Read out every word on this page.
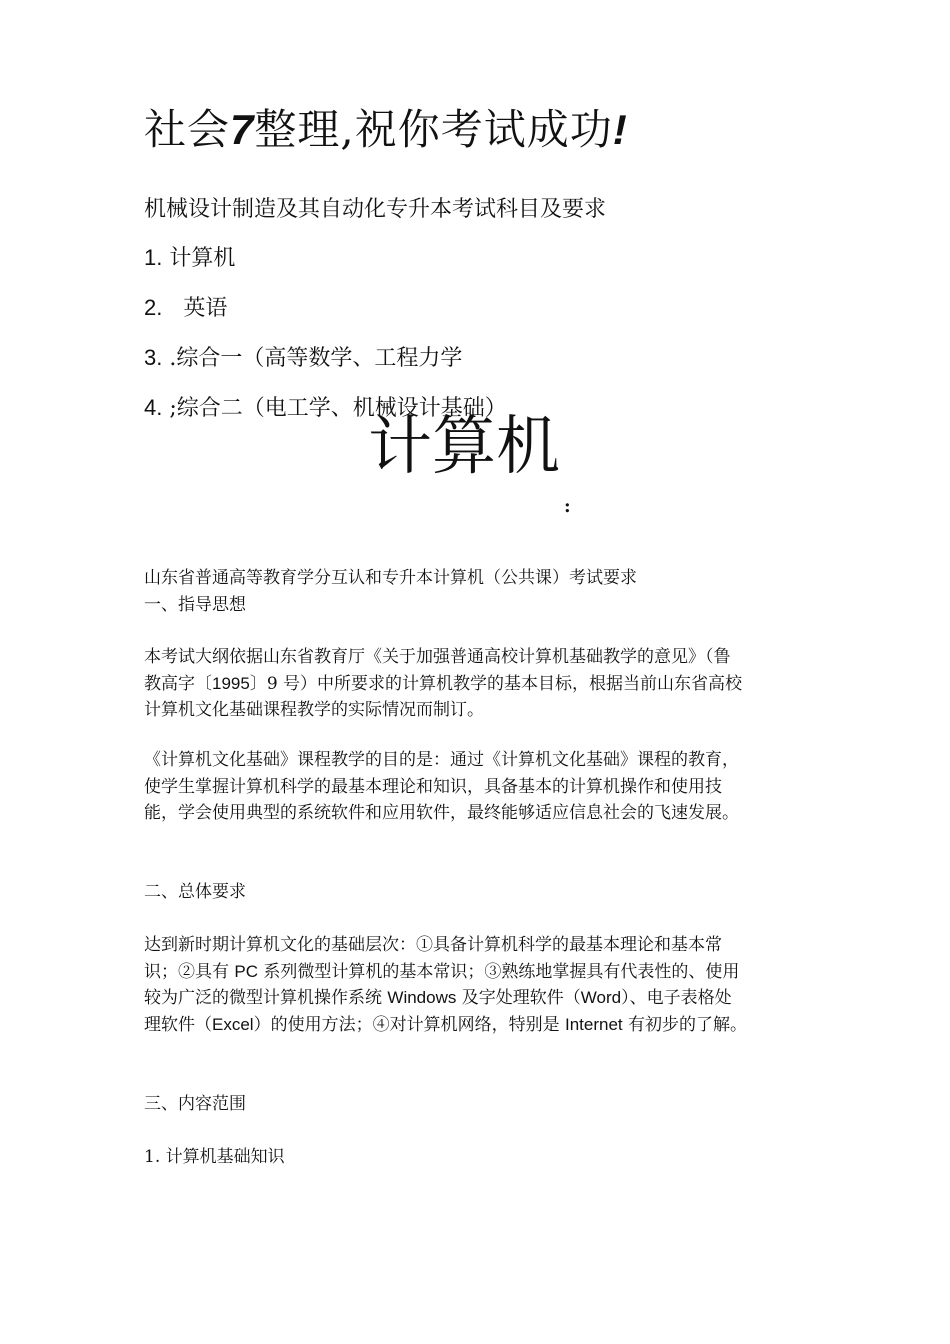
社会7整理,祝你考试成功!
机械设计制造及其自动化专升本考试科目及要求
1. 计算机
2.   英语
3. .综合一（高等数学、工程力学
4. ;综合二（电工学、机械设计基础）
计算机
:
山东省普通高等教育学分互认和专升本计算机（公共课）考试要求
一、指导思想
本考试大纲依据山东省教育厅《关于加强普通高校计算机基础教学的意见》（鲁
教高字〔1995〕9 号）中所要求的计算机教学的基本目标，根据当前山东省高校
计算机文化基础课程教学的实际情况而制订。
《计算机文化基础》课程教学的目的是：通过《计算机文化基础》课程的教育，
使学生掌握计算机科学的最基本理论和知识，具备基本的计算机操作和使用技
能，学会使用典型的系统软件和应用软件，最终能够适应信息社会的飞速发展。
二、总体要求
达到新时期计算机文化的基础层次：①具备计算机科学的最基本理论和基本常
识；②具有 PC 系列微型计算机的基本常识；③熟练地掌握具有代表性的、使用
较为广泛的微型计算机操作系统 Windows 及字处理软件（Word）、电子表格处
理软件（Excel）的使用方法；④对计算机网络，特别是 Internet 有初步的了解。
三、内容范围
1. 计算机基础知识
